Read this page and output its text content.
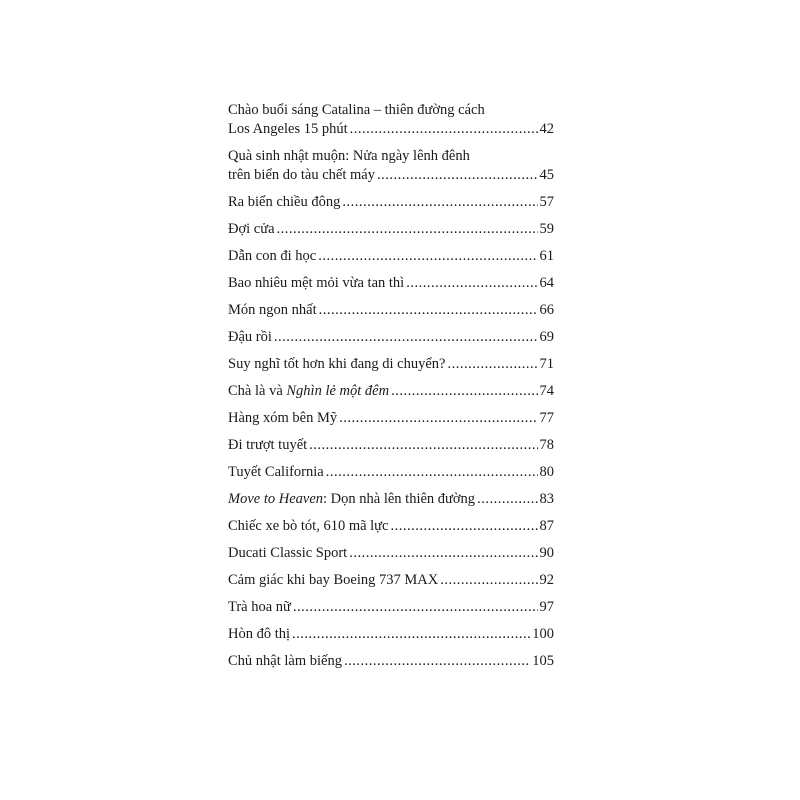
Chào buổi sáng Catalina – thiên đường cách
Los Angeles 15 phút .....	42
Quà sinh nhật muộn: Nửa ngày lênh đênh
trên biển do tàu chết máy .....	45
Ra biển chiều đông .....	57
Đợi cửa .....	59
Dẫn con đi học .....	61
Bao nhiêu mệt mỏi vừa tan thì .....	64
Món ngon nhất .....	66
Đậu rồi .....	69
Suy nghĩ tốt hơn khi đang di chuyển? .....	71
Chà là và Nghìn lẻ một đêm .....	74
Hàng xóm bên Mỹ .....	77
Đi trượt tuyết .....	78
Tuyết California .....	80
Move to Heaven: Dọn nhà lên thiên đường .....	83
Chiếc xe bò tót, 610 mã lực .....	87
Ducati Classic Sport .....	90
Cảm giác khi bay Boeing 737 MAX .....	92
Trà hoa nữ .....	97
Hòn đô thị .....	100
Chủ nhật làm biếng .....	105
